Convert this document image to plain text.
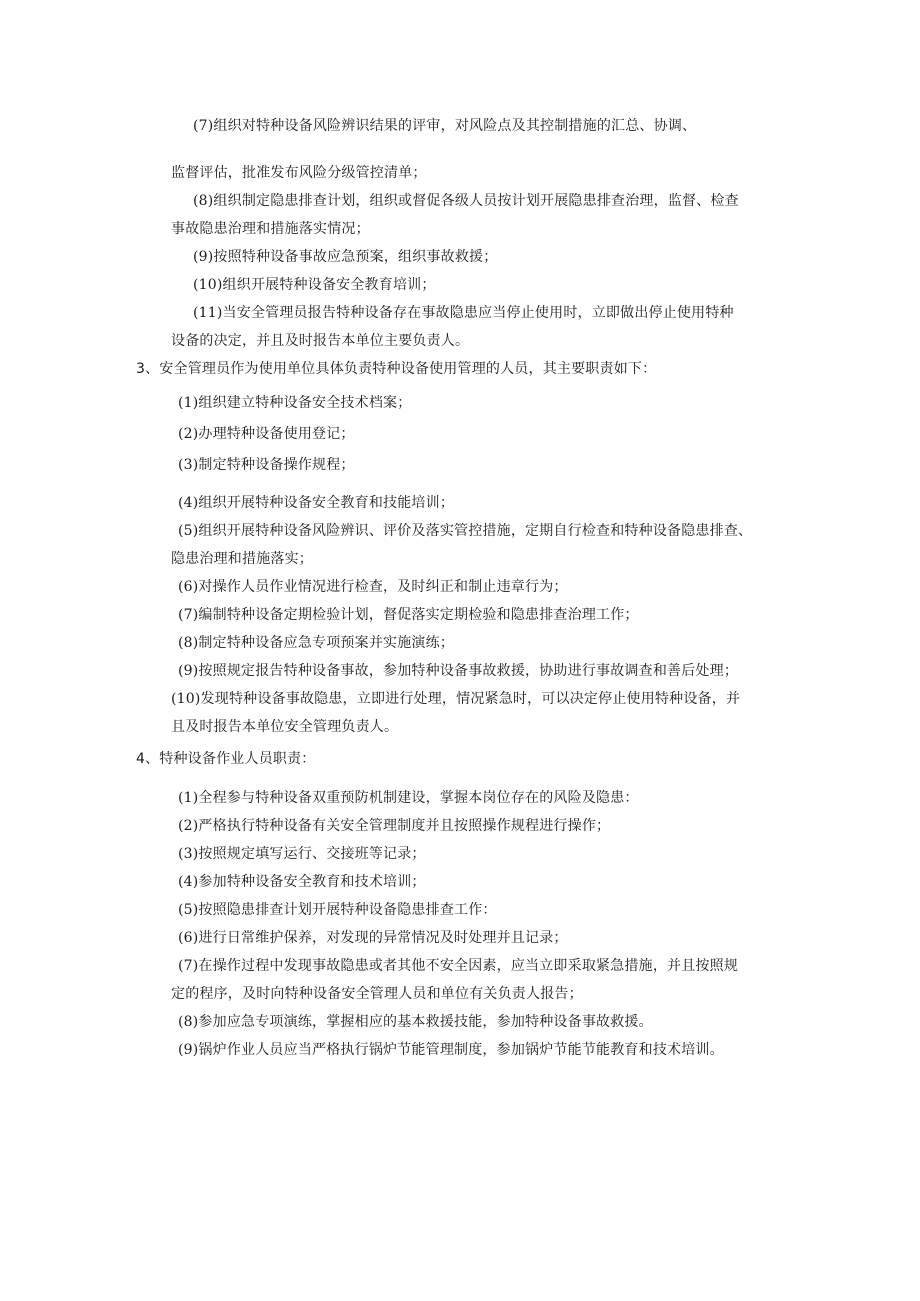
(7)组织对特种设备风险辨识结果的评审，对风险点及其控制措施的汇总、协调、
监督评估，批准发布风险分级管控清单；
(8)组织制定隐患排查计划，组织或督促各级人员按计划开展隐患排查治理，监督、检查
事故隐患治理和措施落实情况；
(9)按照特种设备事故应急预案，组织事故救援；
(10)组织开展特种设备安全教育培训；
(11)当安全管理员报告特种设备存在事故隐患应当停止使用时，立即做出停止使用特种
设备的决定，并且及时报告本单位主要负责人。
3、安全管理员作为使用单位具体负责特种设备使用管理的人员，其主要职责如下：
(1)组织建立特种设备安全技术档案；
(2)办理特种设备使用登记；
(3)制定特种设备操作规程；
(4)组织开展特种设备安全教育和技能培训；
(5)组织开展特种设备风险辨识、评价及落实管控措施，定期自行检查和特种设备隐患排查、
隐患治理和措施落实；
(6)对操作人员作业情况进行检查，及时纠正和制止违章行为；
(7)编制特种设备定期检验计划，督促落实定期检验和隐患排查治理工作；
(8)制定特种设备应急专项预案并实施演练；
(9)按照规定报告特种设备事故，参加特种设备事故救援，协助进行事故调查和善后处理；
(10)发现特种设备事故隐患，立即进行处理，情况紧急时，可以决定停止使用特种设备，并
且及时报告本单位安全管理负责人。
4、特种设备作业人员职责：
(1)全程参与特种设备双重预防机制建设，掌握本岗位存在的风险及隐患：
(2)严格执行特种设备有关安全管理制度并且按照操作规程进行操作；
(3)按照规定填写运行、交接班等记录；
(4)参加特种设备安全教育和技术培训；
(5)按照隐患排查计划开展特种设备隐患排查工作：
(6)进行日常维护保养，对发现的异常情况及时处理并且记录；
(7)在操作过程中发现事故隐患或者其他不安全因素，应当立即采取紧急措施，并且按照规
定的程序，及时向特种设备安全管理人员和单位有关负责人报告；
(8)参加应急专项演练，掌握相应的基本救援技能，参加特种设备事故救援。
(9)锅炉作业人员应当严格执行锅炉节能管理制度，参加锅炉节能节能教育和技术培训。
